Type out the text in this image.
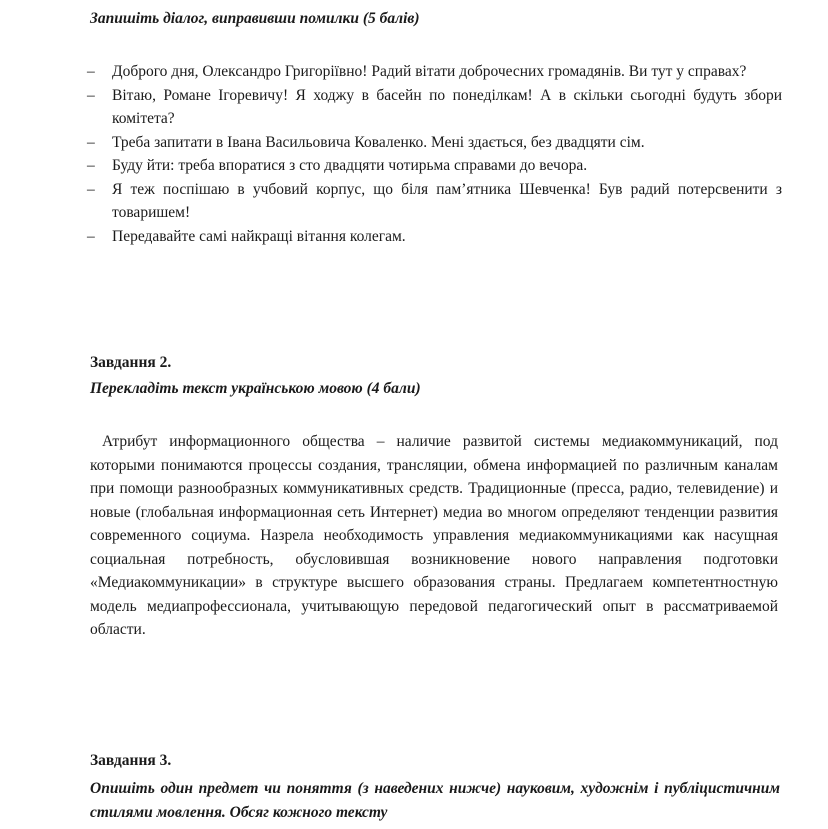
Запишіть діалог, виправивши помилки (5 балів)
– Доброго дня, Олександро Григоріївно! Радий вітати доброчесних громадянів. Ви тут у справах?
– Вітаю, Романе Ігоревичу! Я ходжу в басейн по понеділкам! А в скільки сьогодні будуть збори комітета?
– Треба запитати в Івана Васильовича Коваленко. Мені здається, без двадцяти сім.
– Буду йти: треба впоратися з сто двадцяти чотирьма справами до вечора.
– Я теж поспішаю в учбовий корпус, що біля пам’ятника Шевченка! Був радий потерсвенити з товаришем!
– Передавайте самі найкращі вітання колегам.
Завдання 2.
Перекладіть текст українською мовою (4 бали)

Атрибут информационного общества – наличие развитой системы медиакоммуникаций, под которыми понимаются процессы создания, трансляции, обмена информацией по различным каналам при помощи разнообразных коммуникативных средств. Традиционные (пресса, радио, телевидение) и новые (глобальная информационная сеть Интернет) медиа во многом определяют тенденции развития современного социума. Назрела необходимость управления медиакоммуникациями как насущная социальная потребность, обусловившая возникновение нового направления подготовки «Медиакоммуникации» в структуре высшего образования страны. Предлагаем компетентностную модель медиапрофессионала, учитывающую передовой педагогический опыт в рассматриваемой области.

Завдання 3.

Опишіть один предмет чи поняття (з наведених нижче) науковим, художнім і публіцистичним стилями мовлення. Обсяг кожного тексту
